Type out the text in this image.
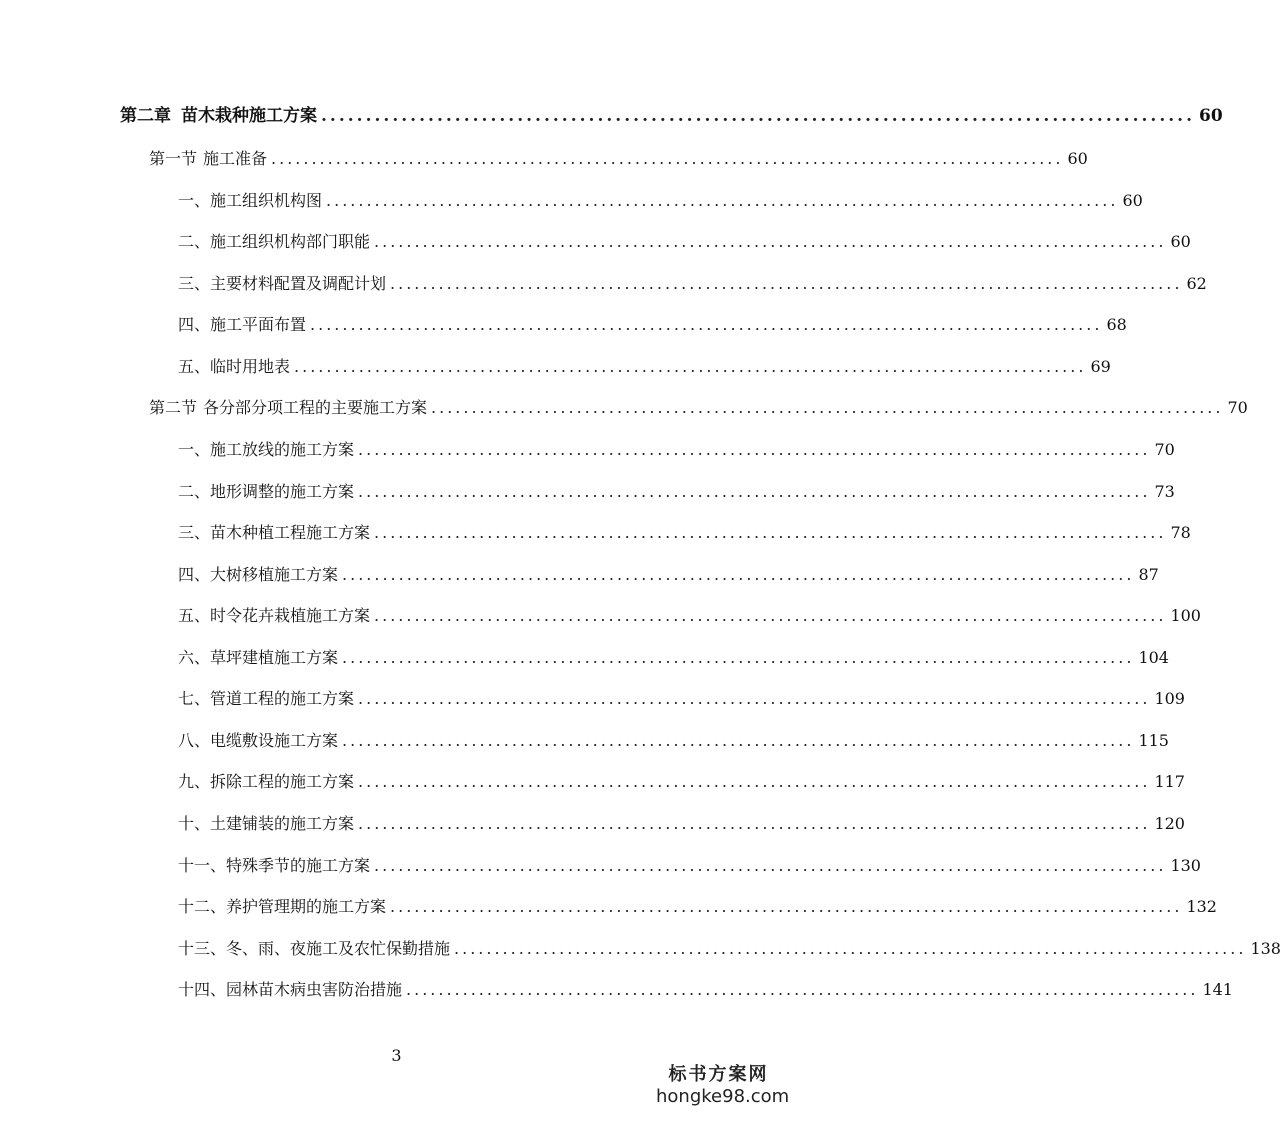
第二章 苗木栽种施工方案 .................................................................................................. 60
第一节 施工准备 .................................................................................................. 60
一、施工组织机构图 .................................................................................................. 60
二、施工组织机构部门职能 .................................................................................................. 60
三、主要材料配置及调配计划 .................................................................................................. 62
四、施工平面布置 .................................................................................................. 68
五、临时用地表 .................................................................................................. 69
第二节 各分部分项工程的主要施工方案 .................................................................................................. 70
一、施工放线的施工方案 .................................................................................................. 70
二、地形调整的施工方案 .................................................................................................. 73
三、苗木种植工程施工方案 .................................................................................................. 78
四、大树移植施工方案 .................................................................................................. 87
五、时令花卉栽植施工方案 .................................................................................................. 100
六、草坪建植施工方案 .................................................................................................. 104
七、管道工程的施工方案 .................................................................................................. 109
八、电缆敷设施工方案 .................................................................................................. 115
九、拆除工程的施工方案 .................................................................................................. 117
十、土建铺装的施工方案 .................................................................................................. 120
十一、特殊季节的施工方案 .................................................................................................. 130
十二、养护管理期的施工方案 .................................................................................................. 132
十三、冬、雨、夜施工及农忙保勤措施 .................................................................................................. 138
十四、园林苗木病虫害防治措施 .................................................................................................. 141
3
标书方案网
hongke98.com
